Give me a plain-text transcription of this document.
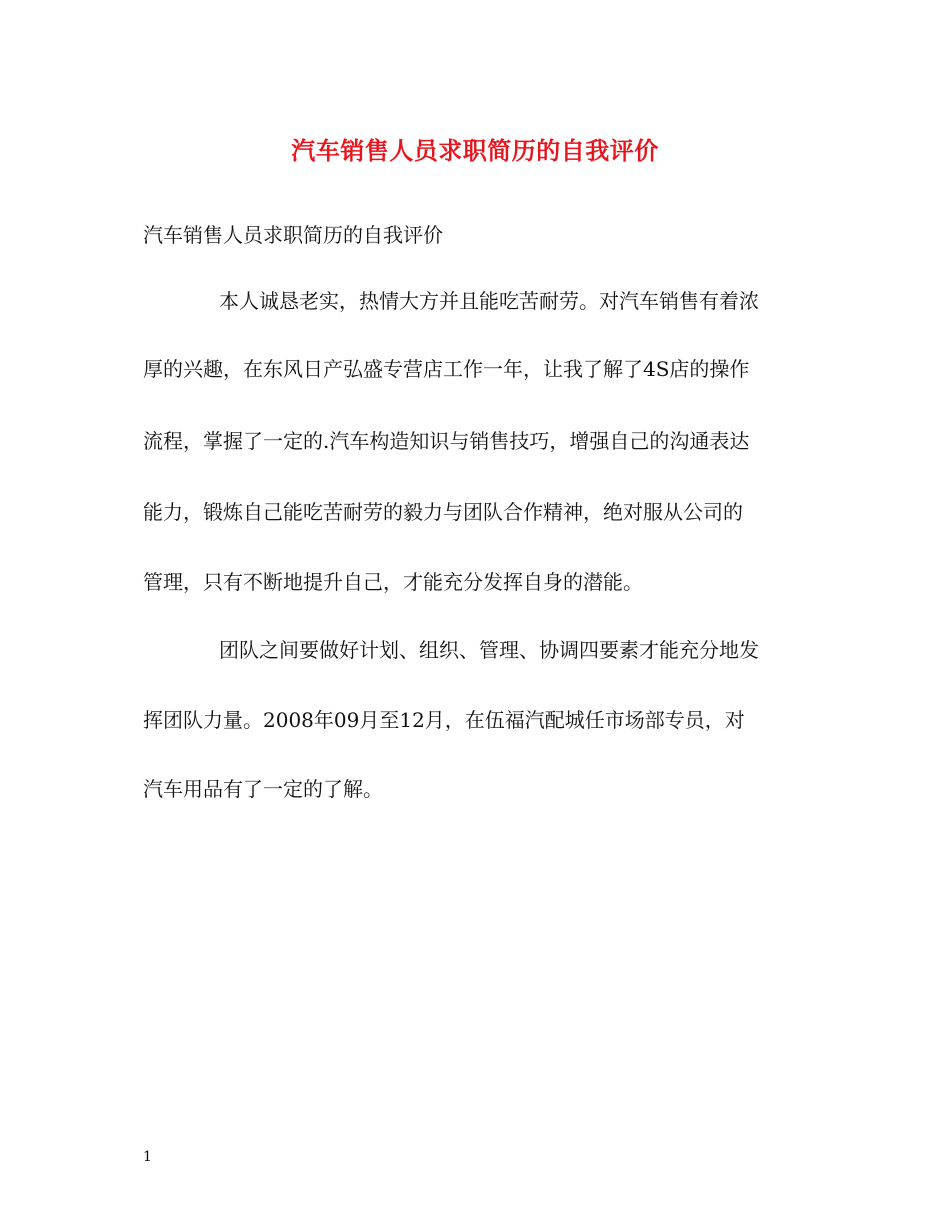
汽车销售人员求职简历的自我评价

汽车销售人员求职简历的自我评价

本人诚恳老实，热情大方并且能吃苦耐劳。对汽车销售有着浓

厚的兴趣，在东风日产弘盛专营店工作一年，让我了解了4S店的操作

流程，掌握了一定的.汽车构造知识与销售技巧，增强自己的沟通表达

能力，锻炼自己能吃苦耐劳的毅力与团队合作精神，绝对服从公司的

管理，只有不断地提升自己，才能充分发挥自身的潜能。

团队之间要做好计划、组织、管理、协调四要素才能充分地发

挥团队力量。2008年09月至12月，在伍福汽配城任市场部专员，对

汽车用品有了一定的了解。

1
